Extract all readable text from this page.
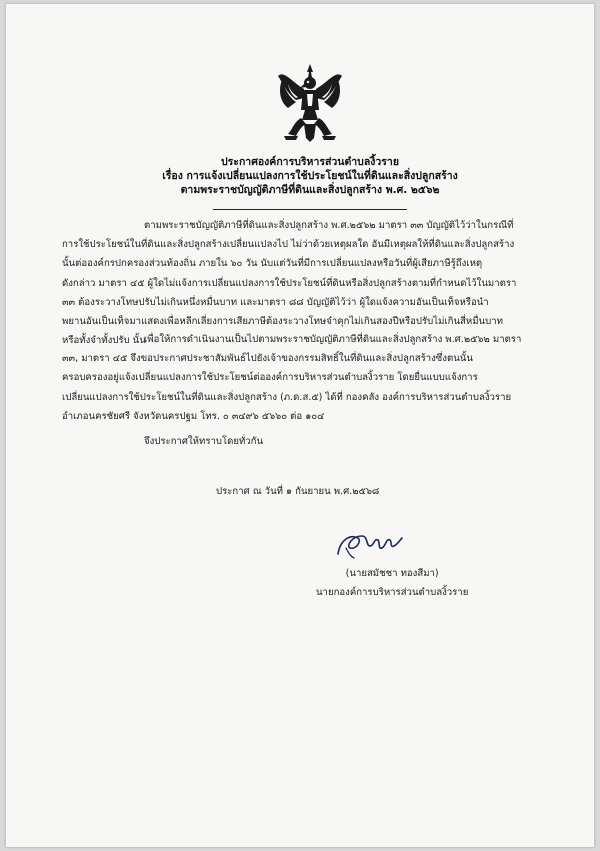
ประกาศองค์การบริหารส่วนตำบลงิ้วราย
เรื่อง การแจ้งเปลี่ยนแปลงการใช้ประโยชน์ในที่ดินและสิ่งปลูกสร้าง
ตามพระราชบัญญัติภาษีที่ดินและสิ่งปลูกสร้าง พ.ศ. ๒๕๖๒
ตามพระราชบัญญัติภาษีที่ดินและสิ่งปลูกสร้าง พ.ศ.๒๕๖๒ มาตรา ๓๓ บัญญัติไว้ว่าในกรณีที่
การใช้ประโยชน์ในที่ดินและสิ่งปลูกสร้างเปลี่ยนแปลงไป ไม่ว่าด้วยเหตุผลใด อันมีเหตุผลให้ที่ดินและสิ่งปลูกสร้าง
นั้นต่อองค์กรปกครองส่วนท้องถิ่น ภายใน ๖๐ วัน นับแต่วันที่มีการเปลี่ยนแปลงหรือวันที่ผู้เสียภาษีรู้ถึงเหตุ
ดังกล่าว มาตรา ๔๕ ผู้ใดไม่แจ้งการเปลี่ยนแปลงการใช้ประโยชน์ที่ดินหรือสิ่งปลูกสร้างตามที่กำหนดไว้ในมาตรา
๓๓ ต้องระวางโทษปรับไม่เกินหนึ่งหมื่นบาท และมาตรา ๘๘ บัญญัติไว้ว่า ผู้ใดแจ้งความอันเป็นเท็จหรือนำ
พยานอันเป็นเท็จมาแสดงเพื่อหลีกเลี่ยงการเสียภาษีต้องระวางโทษจำคุกไม่เกินสองปีหรือปรับไม่เกินสี่หมื่นบาท
หรือทั้งจำทั้งปรับ นั้น
เพื่อให้การดำเนินงานเป็นไปตามพระราชบัญญัติภาษีที่ดินและสิ่งปลูกสร้าง พ.ศ.๒๕๖๒ มาตรา
๓๓, มาตรา ๔๕ จึงขอประกาศประชาสัมพันธ์ไปยังเจ้าของกรรมสิทธิ์ในที่ดินและสิ่งปลูกสร้างซึ่งตนนั้น
ครอบครองอยู่แจ้งเปลี่ยนแปลงการใช้ประโยชน์ต่อองค์การบริหารส่วนตำบลงิ้วราย โดยยื่นแบบแจ้งการ
เปลี่ยนแปลงการใช้ประโยชน์ในที่ดินและสิ่งปลูกสร้าง (ภ.ด.ส.๕) ได้ที่ กองคลัง องค์การบริหารส่วนตำบลงิ้วราย
อำเภอนครชัยศรี จังหวัดนครปฐม โทร. ๐ ๓๔๙๖ ๕๖๖๐ ต่อ ๑๐๔
จึงประกาศให้ทราบโดยทั่วกัน
ประกาศ ณ วันที่ ๑ กันยายน พ.ศ.๒๕๖๘
(นายสมัชชา ทองสีมา)
นายกองค์การบริหารส่วนตำบลงิ้วราย
